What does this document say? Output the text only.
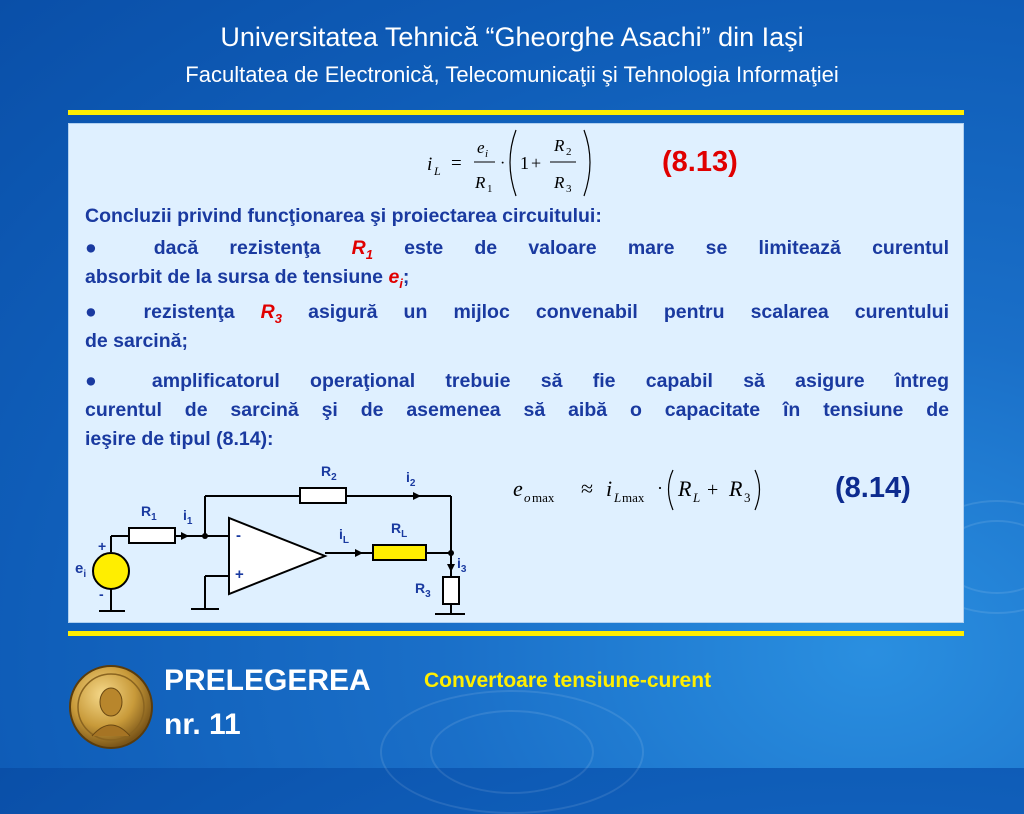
Universitatea Tehnică “Gheorghe Asachi” din Iaşi
Facultatea de Electronică, Telecomunicaţii şi Tehnologia Informaţiei
i L =
e i
R 1
· 1 +
R 2
R 3
(8.13)
Concluzii privind funcţionarea şi proiectarea circuitului:
● dacă rezistenţa $R_1$ este de valoare mare se limitează curentul
absorbit de la sursa de tensiune $e_i$;
● rezistenţa $R_3$ asigură un mijloc convenabil pentru scalarea curentului
de sarcină;
● amplificatorul operaţional trebuie să fie capabil să asigure întreg
curentul de sarcină şi de asemenea să aibă o capacitate în tensiune de
ieşire de tipul (8.14):
e o max ≈ i L max · R L + R 3	(8.14)
$R_1$ $i_1$
$R_2$	$i_2$
$i_L$
$R_L$
$i_3$
$R_3$
$e_i$
+
-
-
+
PRELEGEREA
nr. 11
Convertoare tensiune-curent
